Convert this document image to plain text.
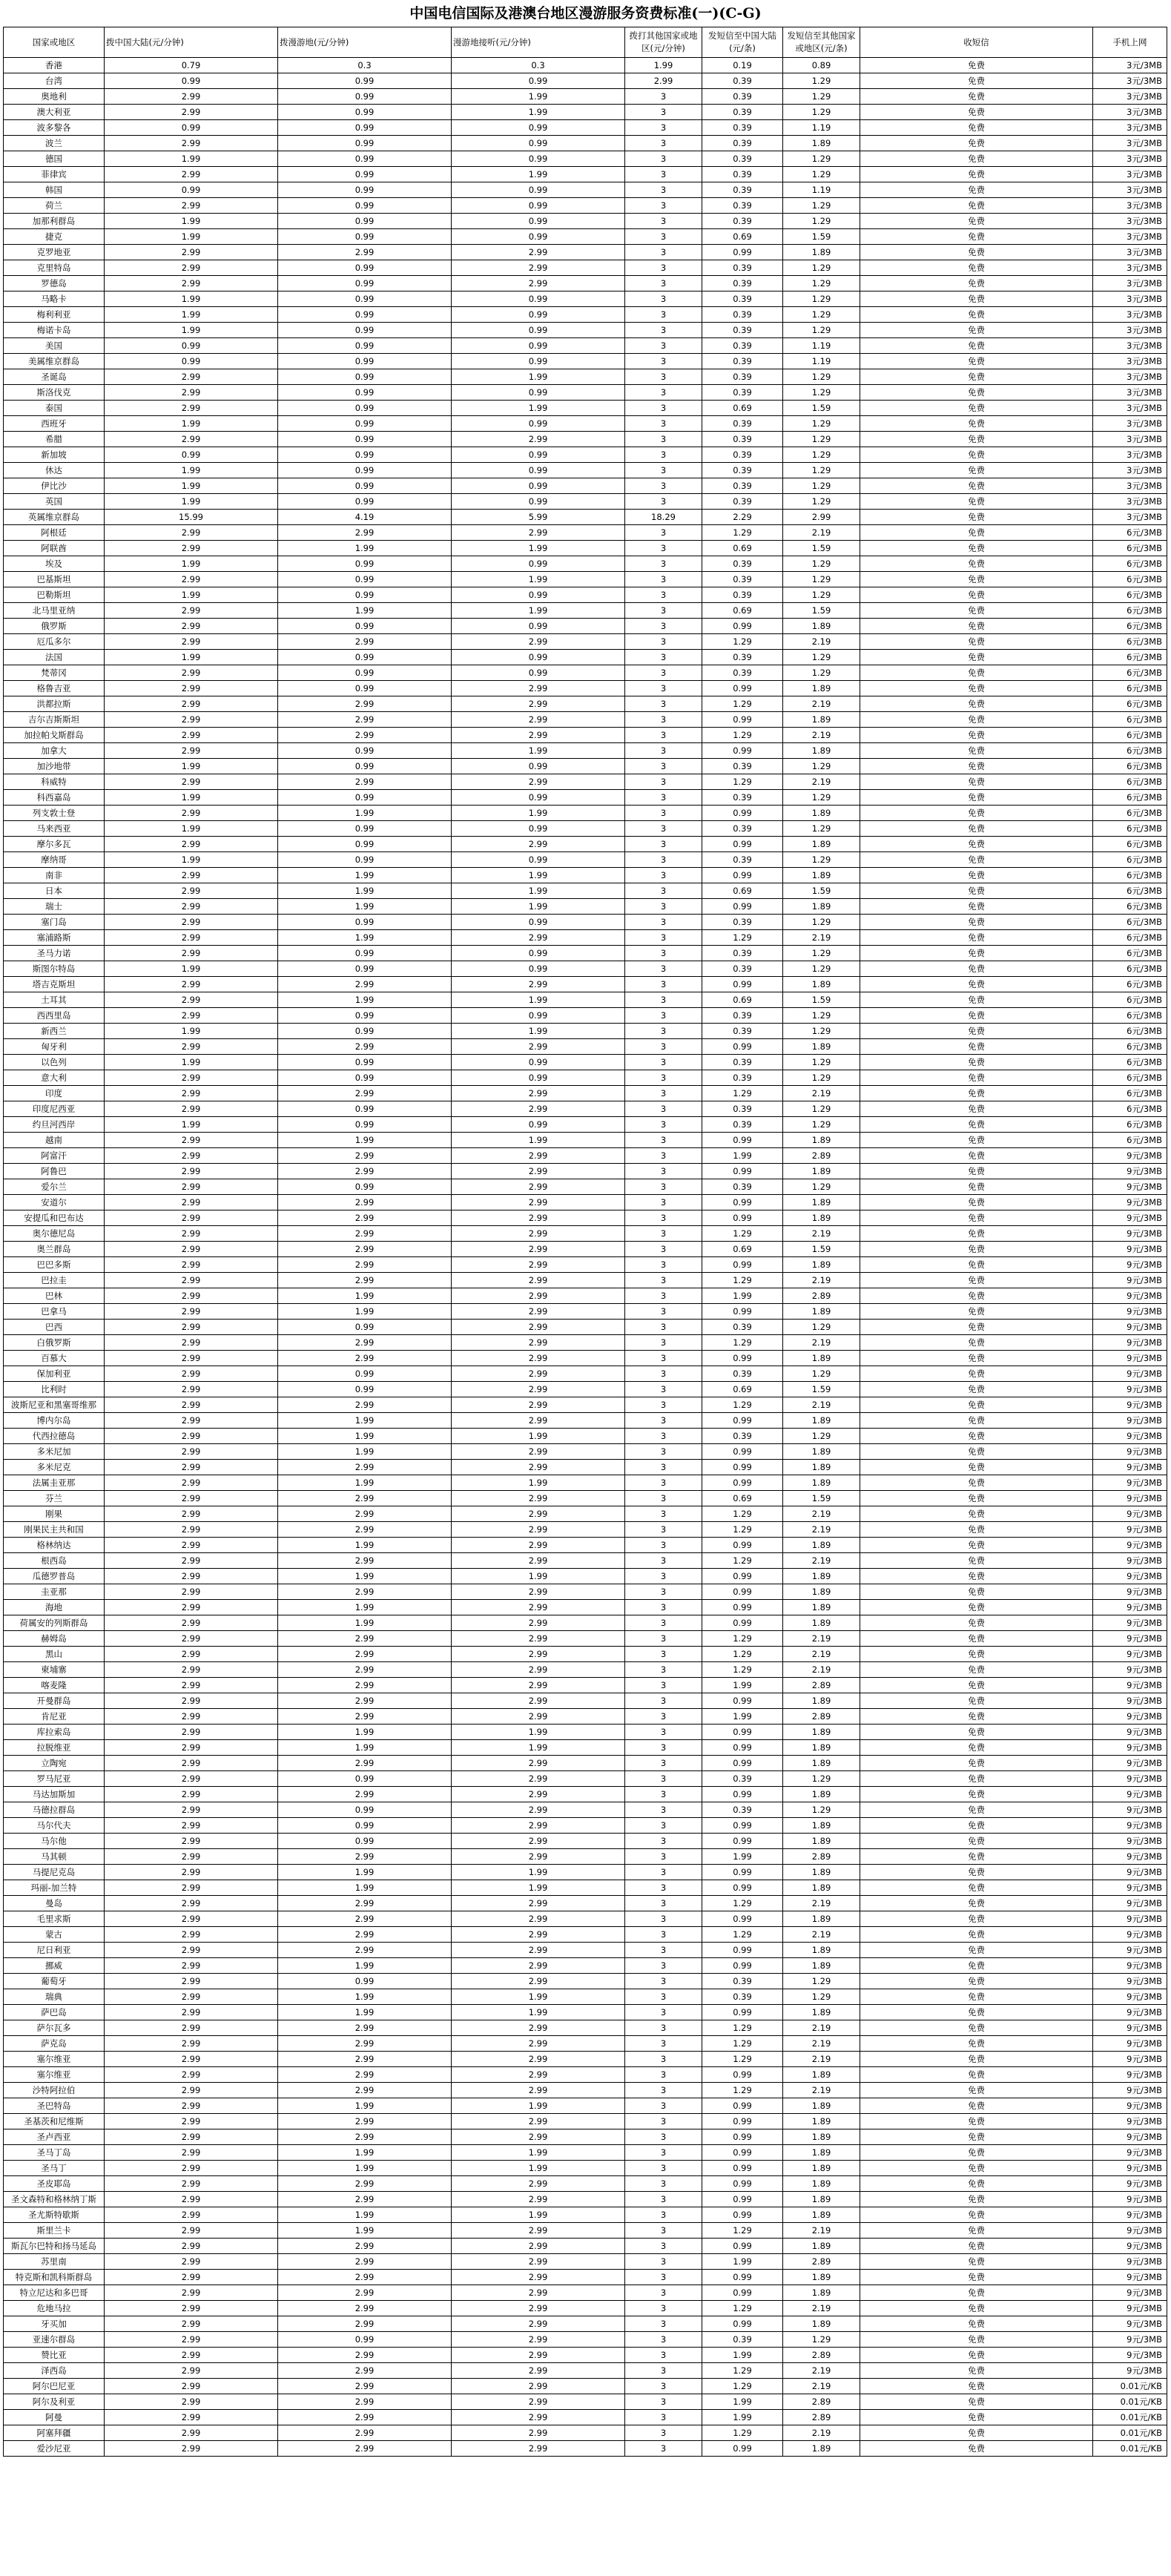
中国电信国际及港澳台地区漫游服务资费标准(一)(C-G)
国家或地区	拨中国大陆(元/分钟)	拨漫游地(元/分钟)	漫游地接听(元/分钟)	拨打其他国家或地区(元/分钟)	发短信至中国大陆(元/条)	发短信至其他国家或地区(元/条)	收短信	手机上网
香港	0.79	0.3	0.3	1.99	0.19	0.89	免费	3元/3MB
台湾	0.99	0.99	0.99	2.99	0.39	1.29	免费	3元/3MB
奥地利	2.99	0.99	1.99	3	0.39	1.29	免费	3元/3MB
澳大利亚	2.99	0.99	1.99	3	0.39	1.29	免费	3元/3MB
波多黎各	0.99	0.99	0.99	3	0.39	1.19	免费	3元/3MB
波兰	2.99	0.99	0.99	3	0.39	1.89	免费	3元/3MB
德国	1.99	0.99	0.99	3	0.39	1.29	免费	3元/3MB
菲律宾	2.99	0.99	1.99	3	0.39	1.29	免费	3元/3MB
韩国	0.99	0.99	0.99	3	0.39	1.19	免费	3元/3MB
荷兰	2.99	0.99	0.99	3	0.39	1.29	免费	3元/3MB
加那利群岛	1.99	0.99	0.99	3	0.39	1.29	免费	3元/3MB
捷克	1.99	0.99	0.99	3	0.69	1.59	免费	3元/3MB
克罗地亚	2.99	2.99	2.99	3	0.99	1.89	免费	3元/3MB
克里特岛	2.99	0.99	2.99	3	0.39	1.29	免费	3元/3MB
罗德岛	2.99	0.99	2.99	3	0.39	1.29	免费	3元/3MB
马略卡	1.99	0.99	0.99	3	0.39	1.29	免费	3元/3MB
梅利利亚	1.99	0.99	0.99	3	0.39	1.29	免费	3元/3MB
梅诺卡岛	1.99	0.99	0.99	3	0.39	1.29	免费	3元/3MB
美国	0.99	0.99	0.99	3	0.39	1.19	免费	3元/3MB
美属维京群岛	0.99	0.99	0.99	3	0.39	1.19	免费	3元/3MB
圣诞岛	2.99	0.99	1.99	3	0.39	1.29	免费	3元/3MB
斯洛伐克	2.99	0.99	0.99	3	0.39	1.29	免费	3元/3MB
泰国	2.99	0.99	1.99	3	0.69	1.59	免费	3元/3MB
西班牙	1.99	0.99	0.99	3	0.39	1.29	免费	3元/3MB
希腊	2.99	0.99	2.99	3	0.39	1.29	免费	3元/3MB
新加坡	0.99	0.99	0.99	3	0.39	1.29	免费	3元/3MB
休达	1.99	0.99	0.99	3	0.39	1.29	免费	3元/3MB
伊比沙	1.99	0.99	0.99	3	0.39	1.29	免费	3元/3MB
英国	1.99	0.99	0.99	3	0.39	1.29	免费	3元/3MB
英属维京群岛	15.99	4.19	5.99	18.29	2.29	2.99	免费	3元/3MB
阿根廷	2.99	2.99	2.99	3	1.29	2.19	免费	6元/3MB
阿联酋	2.99	1.99	1.99	3	0.69	1.59	免费	6元/3MB
埃及	1.99	0.99	0.99	3	0.39	1.29	免费	6元/3MB
巴基斯坦	2.99	0.99	1.99	3	0.39	1.29	免费	6元/3MB
巴勒斯坦	1.99	0.99	0.99	3	0.39	1.29	免费	6元/3MB
北马里亚纳	2.99	1.99	1.99	3	0.69	1.59	免费	6元/3MB
俄罗斯	2.99	0.99	0.99	3	0.99	1.89	免费	6元/3MB
厄瓜多尔	2.99	2.99	2.99	3	1.29	2.19	免费	6元/3MB
法国	1.99	0.99	0.99	3	0.39	1.29	免费	6元/3MB
梵蒂冈	2.99	0.99	0.99	3	0.39	1.29	免费	6元/3MB
格鲁吉亚	2.99	0.99	2.99	3	0.99	1.89	免费	6元/3MB
洪都拉斯	2.99	2.99	2.99	3	1.29	2.19	免费	6元/3MB
吉尔吉斯斯坦	2.99	2.99	2.99	3	0.99	1.89	免费	6元/3MB
加拉帕戈斯群岛	2.99	2.99	2.99	3	1.29	2.19	免费	6元/3MB
加拿大	2.99	0.99	1.99	3	0.99	1.89	免费	6元/3MB
加沙地带	1.99	0.99	0.99	3	0.39	1.29	免费	6元/3MB
科威特	2.99	2.99	2.99	3	1.29	2.19	免费	6元/3MB
科西嘉岛	1.99	0.99	0.99	3	0.39	1.29	免费	6元/3MB
列支敦士登	2.99	1.99	1.99	3	0.99	1.89	免费	6元/3MB
马来西亚	1.99	0.99	0.99	3	0.39	1.29	免费	6元/3MB
摩尔多瓦	2.99	0.99	2.99	3	0.99	1.89	免费	6元/3MB
摩纳哥	1.99	0.99	0.99	3	0.39	1.29	免费	6元/3MB
南非	2.99	1.99	1.99	3	0.99	1.89	免费	6元/3MB
日本	2.99	1.99	1.99	3	0.69	1.59	免费	6元/3MB
瑞士	2.99	1.99	1.99	3	0.99	1.89	免费	6元/3MB
塞门岛	2.99	0.99	0.99	3	0.39	1.29	免费	6元/3MB
塞浦路斯	2.99	1.99	2.99	3	1.29	2.19	免费	6元/3MB
圣马力诺	2.99	0.99	0.99	3	0.39	1.29	免费	6元/3MB
斯图尔特岛	1.99	0.99	0.99	3	0.39	1.29	免费	6元/3MB
塔吉克斯坦	2.99	2.99	2.99	3	0.99	1.89	免费	6元/3MB
土耳其	2.99	1.99	1.99	3	0.69	1.59	免费	6元/3MB
西西里岛	2.99	0.99	0.99	3	0.39	1.29	免费	6元/3MB
新西兰	1.99	0.99	1.99	3	0.39	1.29	免费	6元/3MB
匈牙利	2.99	2.99	2.99	3	0.99	1.89	免费	6元/3MB
以色列	1.99	0.99	0.99	3	0.39	1.29	免费	6元/3MB
意大利	2.99	0.99	0.99	3	0.39	1.29	免费	6元/3MB
印度	2.99	2.99	2.99	3	1.29	2.19	免费	6元/3MB
印度尼西亚	2.99	0.99	2.99	3	0.39	1.29	免费	6元/3MB
约旦河西岸	1.99	0.99	0.99	3	0.39	1.29	免费	6元/3MB
越南	2.99	1.99	1.99	3	0.99	1.89	免费	6元/3MB
阿富汗	2.99	2.99	2.99	3	1.99	2.89	免费	9元/3MB
阿鲁巴	2.99	2.99	2.99	3	0.99	1.89	免费	9元/3MB
爱尔兰	2.99	0.99	2.99	3	0.39	1.29	免费	9元/3MB
安道尔	2.99	2.99	2.99	3	0.99	1.89	免费	9元/3MB
安提瓜和巴布达	2.99	2.99	2.99	3	0.99	1.89	免费	9元/3MB
奥尔德尼岛	2.99	2.99	2.99	3	1.29	2.19	免费	9元/3MB
奥兰群岛	2.99	2.99	2.99	3	0.69	1.59	免费	9元/3MB
巴巴多斯	2.99	2.99	2.99	3	0.99	1.89	免费	9元/3MB
巴拉圭	2.99	2.99	2.99	3	1.29	2.19	免费	9元/3MB
巴林	2.99	1.99	2.99	3	1.99	2.89	免费	9元/3MB
巴拿马	2.99	1.99	2.99	3	0.99	1.89	免费	9元/3MB
巴西	2.99	0.99	2.99	3	0.39	1.29	免费	9元/3MB
白俄罗斯	2.99	2.99	2.99	3	1.29	2.19	免费	9元/3MB
百慕大	2.99	2.99	2.99	3	0.99	1.89	免费	9元/3MB
保加利亚	2.99	0.99	2.99	3	0.39	1.29	免费	9元/3MB
比利时	2.99	0.99	2.99	3	0.69	1.59	免费	9元/3MB
波斯尼亚和黑塞哥维那	2.99	2.99	2.99	3	1.29	2.19	免费	9元/3MB
博内尔岛	2.99	1.99	2.99	3	0.99	1.89	免费	9元/3MB
代西拉德岛	2.99	1.99	1.99	3	0.39	1.29	免费	9元/3MB
多米尼加	2.99	1.99	2.99	3	0.99	1.89	免费	9元/3MB
多米尼克	2.99	2.99	2.99	3	0.99	1.89	免费	9元/3MB
法属圭亚那	2.99	1.99	1.99	3	0.99	1.89	免费	9元/3MB
芬兰	2.99	2.99	2.99	3	0.69	1.59	免费	9元/3MB
刚果	2.99	2.99	2.99	3	1.29	2.19	免费	9元/3MB
刚果民主共和国	2.99	2.99	2.99	3	1.29	2.19	免费	9元/3MB
格林纳达	2.99	1.99	2.99	3	0.99	1.89	免费	9元/3MB
根西岛	2.99	2.99	2.99	3	1.29	2.19	免费	9元/3MB
瓜德罗普岛	2.99	1.99	1.99	3	0.99	1.89	免费	9元/3MB
圭亚那	2.99	2.99	2.99	3	0.99	1.89	免费	9元/3MB
海地	2.99	1.99	2.99	3	0.99	1.89	免费	9元/3MB
荷属安的列斯群岛	2.99	1.99	2.99	3	0.99	1.89	免费	9元/3MB
赫姆岛	2.99	2.99	2.99	3	1.29	2.19	免费	9元/3MB
黑山	2.99	2.99	2.99	3	1.29	2.19	免费	9元/3MB
柬埔寨	2.99	2.99	2.99	3	1.29	2.19	免费	9元/3MB
喀麦隆	2.99	2.99	2.99	3	1.99	2.89	免费	9元/3MB
开曼群岛	2.99	2.99	2.99	3	0.99	1.89	免费	9元/3MB
肯尼亚	2.99	2.99	2.99	3	1.99	2.89	免费	9元/3MB
库拉索岛	2.99	1.99	1.99	3	0.99	1.89	免费	9元/3MB
拉脱维亚	2.99	1.99	1.99	3	0.99	1.89	免费	9元/3MB
立陶宛	2.99	2.99	2.99	3	0.99	1.89	免费	9元/3MB
罗马尼亚	2.99	0.99	2.99	3	0.39	1.29	免费	9元/3MB
马达加斯加	2.99	2.99	2.99	3	0.99	1.89	免费	9元/3MB
马德拉群岛	2.99	0.99	2.99	3	0.39	1.29	免费	9元/3MB
马尔代夫	2.99	0.99	2.99	3	0.99	1.89	免费	9元/3MB
马尔他	2.99	0.99	2.99	3	0.99	1.89	免费	9元/3MB
马其顿	2.99	2.99	2.99	3	1.99	2.89	免费	9元/3MB
马提尼克岛	2.99	1.99	1.99	3	0.99	1.89	免费	9元/3MB
玛丽-加兰特	2.99	1.99	1.99	3	0.99	1.89	免费	9元/3MB
曼岛	2.99	2.99	2.99	3	1.29	2.19	免费	9元/3MB
毛里求斯	2.99	2.99	2.99	3	0.99	1.89	免费	9元/3MB
蒙古	2.99	2.99	2.99	3	1.29	2.19	免费	9元/3MB
尼日利亚	2.99	2.99	2.99	3	0.99	1.89	免费	9元/3MB
挪威	2.99	1.99	2.99	3	0.99	1.89	免费	9元/3MB
葡萄牙	2.99	0.99	2.99	3	0.39	1.29	免费	9元/3MB
瑞典	2.99	1.99	1.99	3	0.39	1.29	免费	9元/3MB
萨巴岛	2.99	1.99	1.99	3	0.99	1.89	免费	9元/3MB
萨尔瓦多	2.99	2.99	2.99	3	1.29	2.19	免费	9元/3MB
萨克岛	2.99	2.99	2.99	3	1.29	2.19	免费	9元/3MB
塞尔维亚	2.99	2.99	2.99	3	1.29	2.19	免费	9元/3MB
塞尔维亚	2.99	2.99	2.99	3	0.99	1.89	免费	9元/3MB
沙特阿拉伯	2.99	2.99	2.99	3	1.29	2.19	免费	9元/3MB
圣巴特岛	2.99	1.99	1.99	3	0.99	1.89	免费	9元/3MB
圣基茨和尼维斯	2.99	2.99	2.99	3	0.99	1.89	免费	9元/3MB
圣卢西亚	2.99	2.99	2.99	3	0.99	1.89	免费	9元/3MB
圣马丁岛	2.99	1.99	1.99	3	0.99	1.89	免费	9元/3MB
圣马丁	2.99	1.99	1.99	3	0.99	1.89	免费	9元/3MB
圣皮耶岛	2.99	2.99	2.99	3	0.99	1.89	免费	9元/3MB
圣文森特和格林纳丁斯	2.99	2.99	2.99	3	0.99	1.89	免费	9元/3MB
圣尤斯特歇斯	2.99	1.99	1.99	3	0.99	1.89	免费	9元/3MB
斯里兰卡	2.99	1.99	2.99	3	1.29	2.19	免费	9元/3MB
斯瓦尔巴特和扬马延岛	2.99	2.99	2.99	3	0.99	1.89	免费	9元/3MB
苏里南	2.99	2.99	2.99	3	1.99	2.89	免费	9元/3MB
特克斯和凯科斯群岛	2.99	2.99	2.99	3	0.99	1.89	免费	9元/3MB
特立尼达和多巴哥	2.99	2.99	2.99	3	0.99	1.89	免费	9元/3MB
危地马拉	2.99	2.99	2.99	3	1.29	2.19	免费	9元/3MB
牙买加	2.99	2.99	2.99	3	0.99	1.89	免费	9元/3MB
亚速尔群岛	2.99	0.99	2.99	3	0.39	1.29	免费	9元/3MB
赞比亚	2.99	2.99	2.99	3	1.99	2.89	免费	9元/3MB
泽西岛	2.99	2.99	2.99	3	1.29	2.19	免费	9元/3MB
阿尔巴尼亚	2.99	2.99	2.99	3	1.29	2.19	免费	0.01元/KB
阿尔及利亚	2.99	2.99	2.99	3	1.99	2.89	免费	0.01元/KB
阿曼	2.99	2.99	2.99	3	1.99	2.89	免费	0.01元/KB
阿塞拜疆	2.99	2.99	2.99	3	1.29	2.19	免费	0.01元/KB
爱沙尼亚	2.99	2.99	2.99	3	0.99	1.89	免费	0.01元/KB
